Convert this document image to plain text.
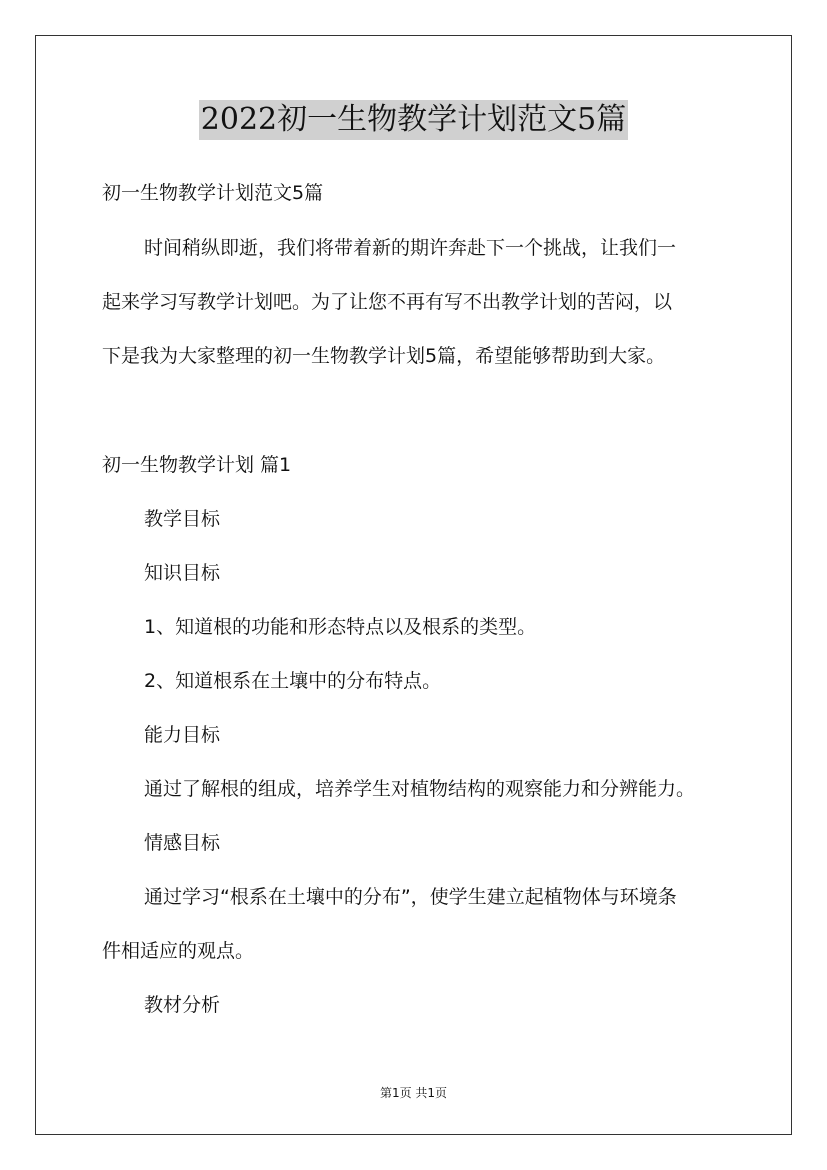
2022初一生物教学计划范文5篇
初一生物教学计划范文5篇
时间稍纵即逝，我们将带着新的期许奔赴下一个挑战，让我们一
起来学习写教学计划吧。为了让您不再有写不出教学计划的苦闷，以
下是我为大家整理的初一生物教学计划5篇，希望能够帮助到大家。
初一生物教学计划 篇1
教学目标
知识目标
1、知道根的功能和形态特点以及根系的类型。
2、知道根系在土壤中的分布特点。
能力目标
通过了解根的组成，培养学生对植物结构的观察能力和分辨能力。
情感目标
通过学习“根系在土壤中的分布”，使学生建立起植物体与环境条
件相适应的观点。
教材分析
第1页 共1页
